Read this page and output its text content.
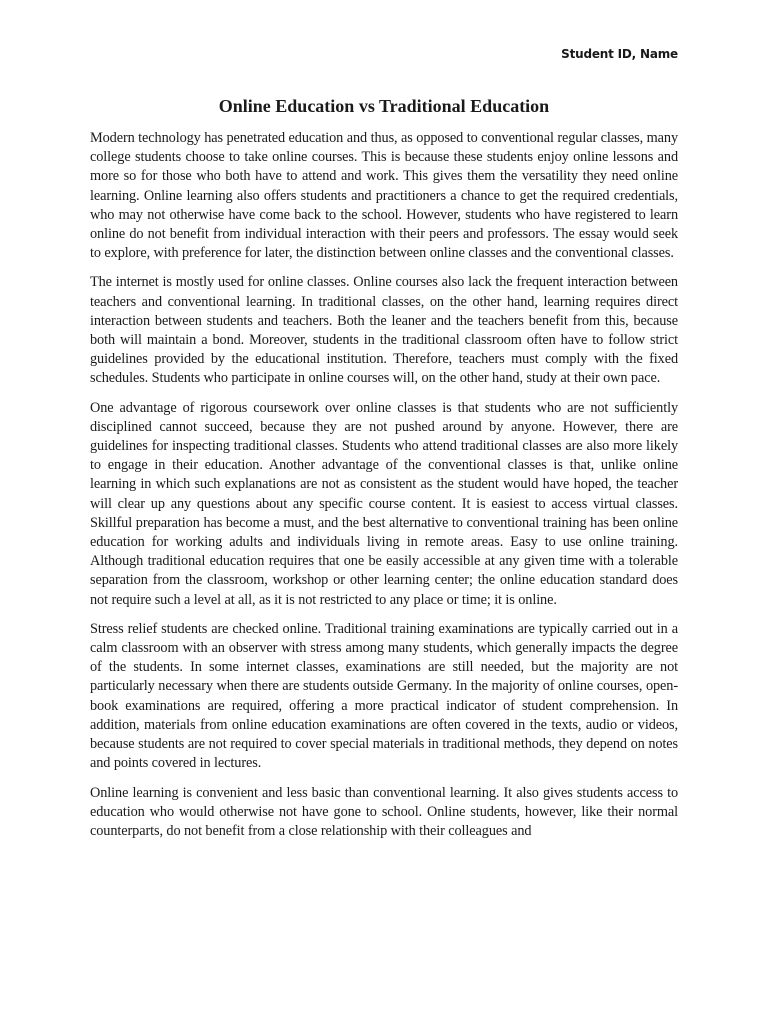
Student ID, Name
Online Education vs Traditional Education

Modern technology has penetrated education and thus, as opposed to conventional regular classes, many college students choose to take online courses. This is because these students enjoy online lessons and more so for those who both have to attend and work. This gives them the versatility they need online learning. Online learning also offers students and practitioners a chance to get the required credentials, who may not otherwise have come back to the school. However, students who have registered to learn online do not benefit from individual interaction with their peers and professors. The essay would seek to explore, with preference for later, the distinction between online classes and the conventional classes.

The internet is mostly used for online classes. Online courses also lack the frequent interaction between teachers and conventional learning. In traditional classes, on the other hand, learning requires direct interaction between students and teachers. Both the leaner and the teachers benefit from this, because both will maintain a bond. Moreover, students in the traditional classroom often have to follow strict guidelines provided by the educational institution. Therefore, teachers must comply with the fixed schedules. Students who participate in online courses will, on the other hand, study at their own pace.

One advantage of rigorous coursework over online classes is that students who are not sufficiently disciplined cannot succeed, because they are not pushed around by anyone. However, there are guidelines for inspecting traditional classes. Students who attend traditional classes are also more likely to engage in their education. Another advantage of the conventional classes is that, unlike online learning in which such explanations are not as consistent as the student would have hoped, the teacher will clear up any questions about any specific course content. It is easiest to access virtual classes. Skillful preparation has become a must, and the best alternative to conventional training has been online education for working adults and individuals living in remote areas. Easy to use online training. Although traditional education requires that one be easily accessible at any given time with a tolerable separation from the classroom, workshop or other learning center; the online education standard does not require such a level at all, as it is not restricted to any place or time; it is online.

Stress relief students are checked online. Traditional training examinations are typically carried out in a calm classroom with an observer with stress among many students, which generally impacts the degree of the students. In some internet classes, examinations are still needed, but the majority are not particularly necessary when there are students outside Germany. In the majority of online courses, open-book examinations are required, offering a more practical indicator of student comprehension. In addition, materials from online education examinations are often covered in the texts, audio or videos, because students are not required to cover special materials in traditional methods, they depend on notes and points covered in lectures.

Online learning is convenient and less basic than conventional learning. It also gives students access to education who would otherwise not have gone to school. Online students, however, like their normal counterparts, do not benefit from a close relationship with their colleagues and
